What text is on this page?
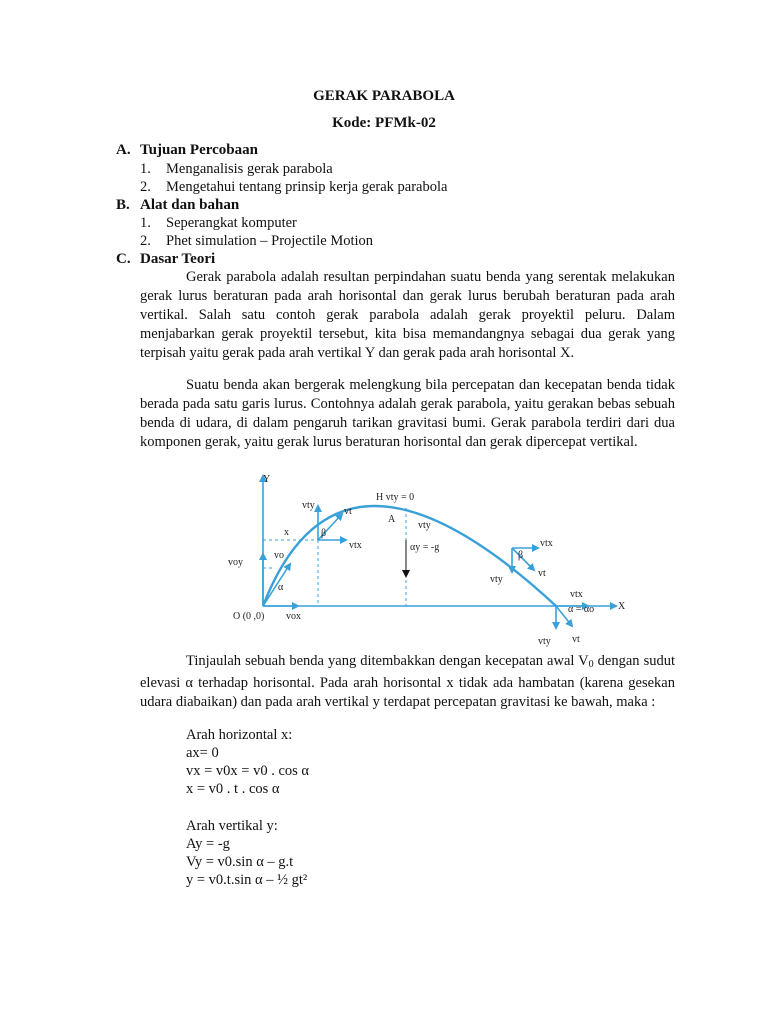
GERAK PARABOLA
Kode: PFMk-02
A. Tujuan Percobaan
1. Menganalisis gerak parabola
2. Mengetahui tentang prinsip kerja gerak parabola
B. Alat dan bahan
1. Seperangkat komputer
2. Phet simulation – Projectile Motion
C. Dasar Teori

Gerak parabola adalah resultan perpindahan suatu benda yang serentak melakukan gerak lurus beraturan pada arah horisontal dan gerak lurus berubah beraturan pada arah vertikal. Salah satu contoh gerak parabola adalah gerak proyektil peluru. Dalam menjabarkan gerak proyektil tersebut, kita bisa memandangnya sebagai dua gerak yang terpisah yaitu gerak pada arah vertikal Y dan gerak pada arah horisontal X.

Suatu benda akan bergerak melengkung bila percepatan dan kecepatan benda tidak berada pada satu garis lurus. Contohnya adalah gerak parabola, yaitu gerakan bebas sebuah benda di udara, di dalam pengaruh tarikan gravitasi bumi. Gerak parabola terdiri dari dua komponen gerak, yaitu gerak lurus beraturan horisontal dan gerak dipercepat vertikal.

Y
X
α
voy
vo
O (0 ,0) vox
vty
vt
x	β
vtx
H vty = 0
A
vty
αy = -g
β
vtx
vty
vt
vtx
α = αo
vty vt

Tinjaulah sebuah benda yang ditembakkan dengan kecepatan awal $V_0$ dengan sudut elevasi α terhadap horisontal. Pada arah horisontal x tidak ada hambatan (karena gesekan udara diabaikan) dan pada arah vertikal y terdapat percepatan gravitasi ke bawah, maka :

Arah horizontal x:
ax= 0
vx = v0x = v0 . cos α
x = v0 . t . cos α
Arah vertikal y:
Ay = -g
Vy = v0.sin α – g.t
y = v0.t.sin α – ½ gt²
